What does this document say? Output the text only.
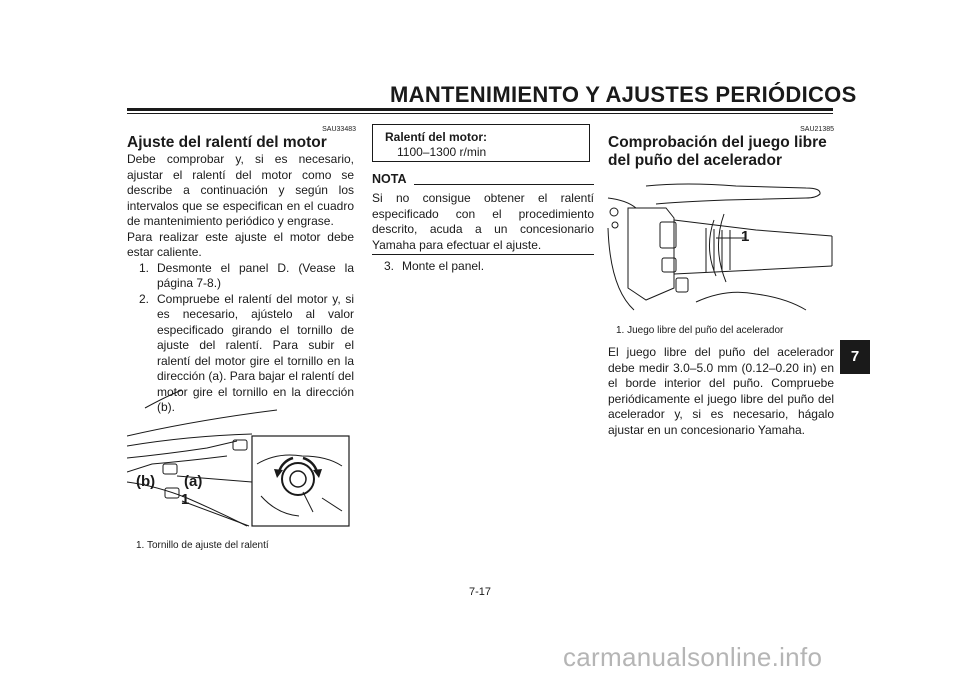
MANTENIMIENTO Y AJUSTES PERIÓDICOS
SAU33483
Ajuste del ralentí del motor

Debe comprobar y, si es necesario, ajustar el ralentí del motor como se describe a continuación y según los intervalos que se especifican en el cuadro de mantenimiento periódico y engrase.

Para realizar este ajuste el motor debe estar caliente.

1. Desmonte el panel D. (Vease la página 7-8.)
2. Compruebe el ralentí del motor y, si es necesario, ajústelo al valor especificado girando el tornillo de ajuste del ralentí. Para subir el ralentí del motor gire el tornillo en la dirección (a). Para bajar el ralentí del motor gire el tornillo en la dirección (b).
(b) (a)
1
1. Tornillo de ajuste del ralentí
Ralentí del motor:
1100–1300 r/min
NOTA

Si no consigue obtener el ralentí especificado con el procedimiento descrito, acuda a un concesionario Yamaha para efectuar el ajuste.

3. Monte el panel.
SAU21385
Comprobación del juego libre del puño del acelerador
1
1. Juego libre del puño del acelerador

El juego libre del puño del acelerador debe medir 3.0–5.0 mm (0.12–0.20 in) en el borde interior del puño. Compruebe periódicamente el juego libre del puño del acelerador y, si es necesario, hágalo ajustar en un concesionario Yamaha.

7
7-17
carmanualsonline.info
